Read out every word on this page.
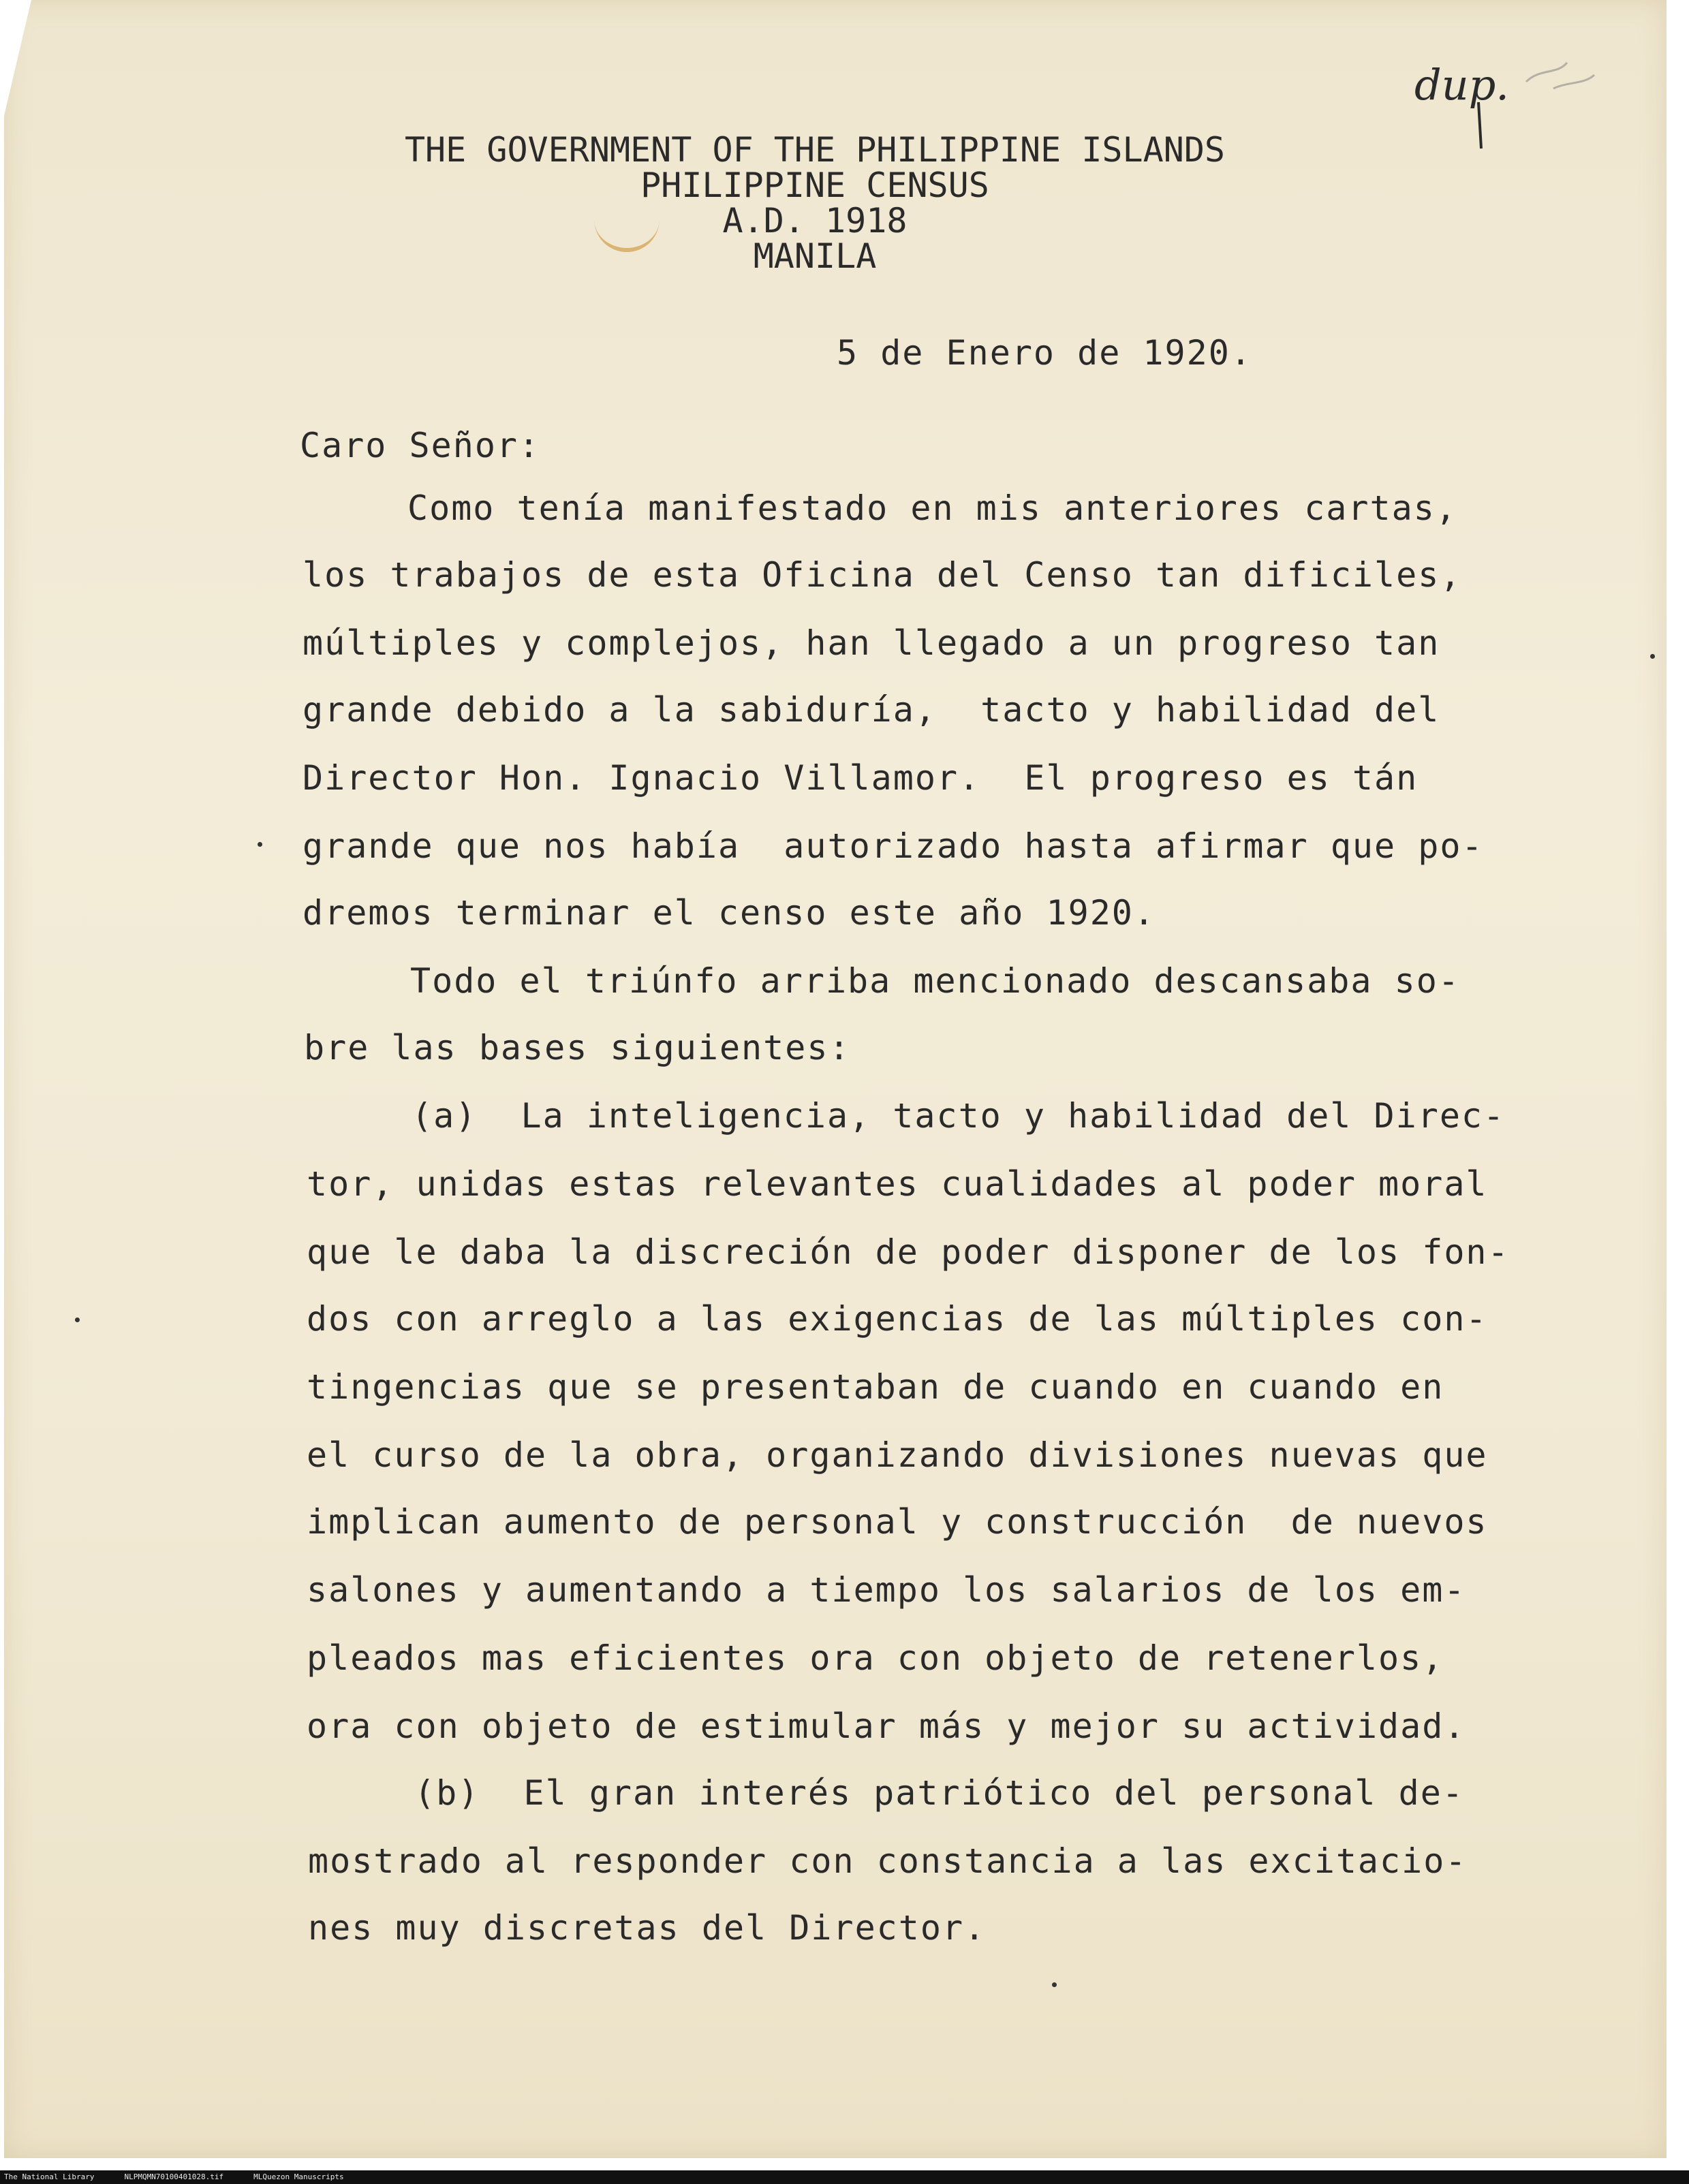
THE GOVERNMENT OF THE PHILIPPINE ISLANDS
PHILIPPINE CENSUS
A.D. 1918
MANILA
dup.
5 de Enero de 1920.
Caro Señor:
Como tenía manifestado en mis anteriores cartas,
los trabajos de esta Oficina del Censo tan dificiles,
múltiples y complejos, han llegado a un progreso tan
grande debido a la sabiduría,  tacto y habilidad del
Director Hon. Ignacio Villamor.  El progreso es tán
grande que nos había  autorizado hasta afirmar que po-
dremos terminar el censo este año 1920.
Todo el triúnfo arriba mencionado descansaba so-
bre las bases siguientes:
(a)  La inteligencia, tacto y habilidad del Direc-
tor, unidas estas relevantes cualidades al poder moral
que le daba la discreción de poder disponer de los fon-
dos con arreglo a las exigencias de las múltiples con-
tingencias que se presentaban de cuando en cuando en
el curso de la obra, organizando divisiones nuevas que
implican aumento de personal y construcción  de nuevos
salones y aumentando a tiempo los salarios de los em-
pleados mas eficientes ora con objeto de retenerlos,
ora con objeto de estimular más y mejor su actividad.
(b)  El gran interés patriótico del personal de-
mostrado al responder con constancia a las excitacio-
nes muy discretas del Director.
The National Library	NLPMQMN70100401028.tif	MLQuezon Manuscripts
